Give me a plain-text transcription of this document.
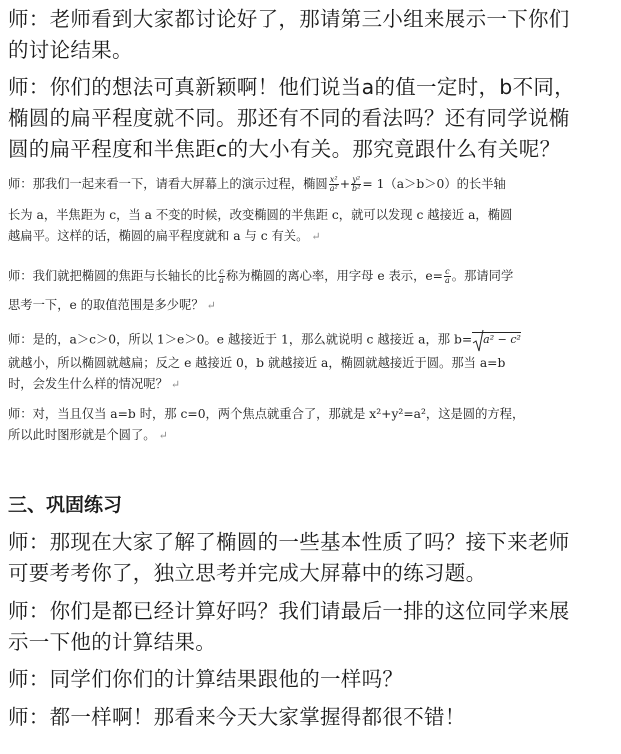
师：老师看到大家都讨论好了，那请第三小组来展示一下你们
的讨论结果。
师：你们的想法可真新颖啊！他们说当a的值一定时，b不同，
椭圆的扁平程度就不同。那还有不同的看法吗？还有同学说椭
圆的扁平程度和半焦距c的大小有关。那究竟跟什么有关呢？
师：那我们一起来看一下，请看大屏幕上的演示过程，椭圆 $\frac{\text{x²}}{\text{a²}} + \frac{\text{y²}}{\text{b²}} = 1(a>b>0)$的长半轴
长为 a，半焦距为 c，当 a 不变的时候，改变椭圆的半焦距 c，就可以发现 c 越接近 a，椭圆
越扁平。这样的话，椭圆的扁平程度就和 a 与 c 有关。 ↵
师：我们就把椭圆的焦距与长轴长的比 $\frac{c}{a}$ 称为椭圆的离心率，用字母 e 表示，$e= \frac{c}{a}$ 。那请同学
思考一下，e 的取值范围是多少呢？ ↵
师：是的，a＞c＞0，所以 1＞e＞0。e 越接近于 1，那么就说明 c 越接近 a，那 b= a² − c²
就越小，所以椭圆就越扁；反之 e 越接近 0，b 就越接近 a，椭圆就越接近于圆。那当 a=b
时，会发生什么样的情况呢？ ↵
师：对，当且仅当 a=b 时，那 c=0，两个焦点就重合了，那就是 x²+y²=a²，这是圆的方程，
所以此时图形就是个圆了。 ↵
三、巩固练习
师：那现在大家了解了椭圆的一些基本性质了吗？接下来老师
可要考考你了，独立思考并完成大屏幕中的练习题。
师：你们是都已经计算好吗？我们请最后一排的这位同学来展
示一下他的计算结果。
师：同学们你们的计算结果跟他的一样吗？
师：都一样啊！那看来今天大家掌握得都很不错！
